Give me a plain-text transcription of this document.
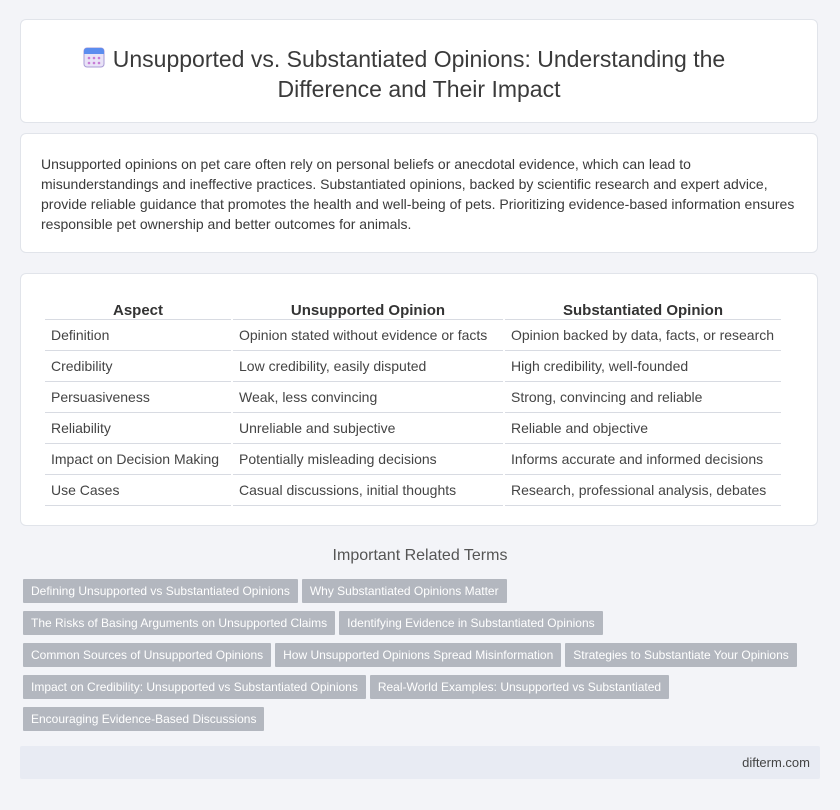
Unsupported vs. Substantiated Opinions: Understanding the
Difference and Their Impact
Unsupported opinions on pet care often rely on personal beliefs or anecdotal evidence, which can lead to misunderstandings and ineffective practices. Substantiated opinions, backed by scientific research and expert advice, provide reliable guidance that promotes the health and well-being of pets. Prioritizing evidence-based information ensures responsible pet ownership and better outcomes for animals.
Aspect	Unsupported Opinion	Substantiated Opinion
Definition	Opinion stated without evidence or facts	Opinion backed by data, facts, or research
Credibility	Low credibility, easily disputed	High credibility, well-founded
Persuasiveness	Weak, less convincing	Strong, convincing and reliable
Reliability	Unreliable and subjective	Reliable and objective
Impact on Decision Making	Potentially misleading decisions	Informs accurate and informed decisions
Use Cases	Casual discussions, initial thoughts	Research, professional analysis, debates
Important Related Terms
Defining Unsupported vs Substantiated Opinions Why Substantiated Opinions Matter
The Risks of Basing Arguments on Unsupported Claims Identifying Evidence in Substantiated Opinions
Common Sources of Unsupported Opinions How Unsupported Opinions Spread Misinformation Strategies to Substantiate Your Opinions
Impact on Credibility: Unsupported vs Substantiated Opinions Real-World Examples: Unsupported vs Substantiated
Encouraging Evidence-Based Discussions
difterm.com
